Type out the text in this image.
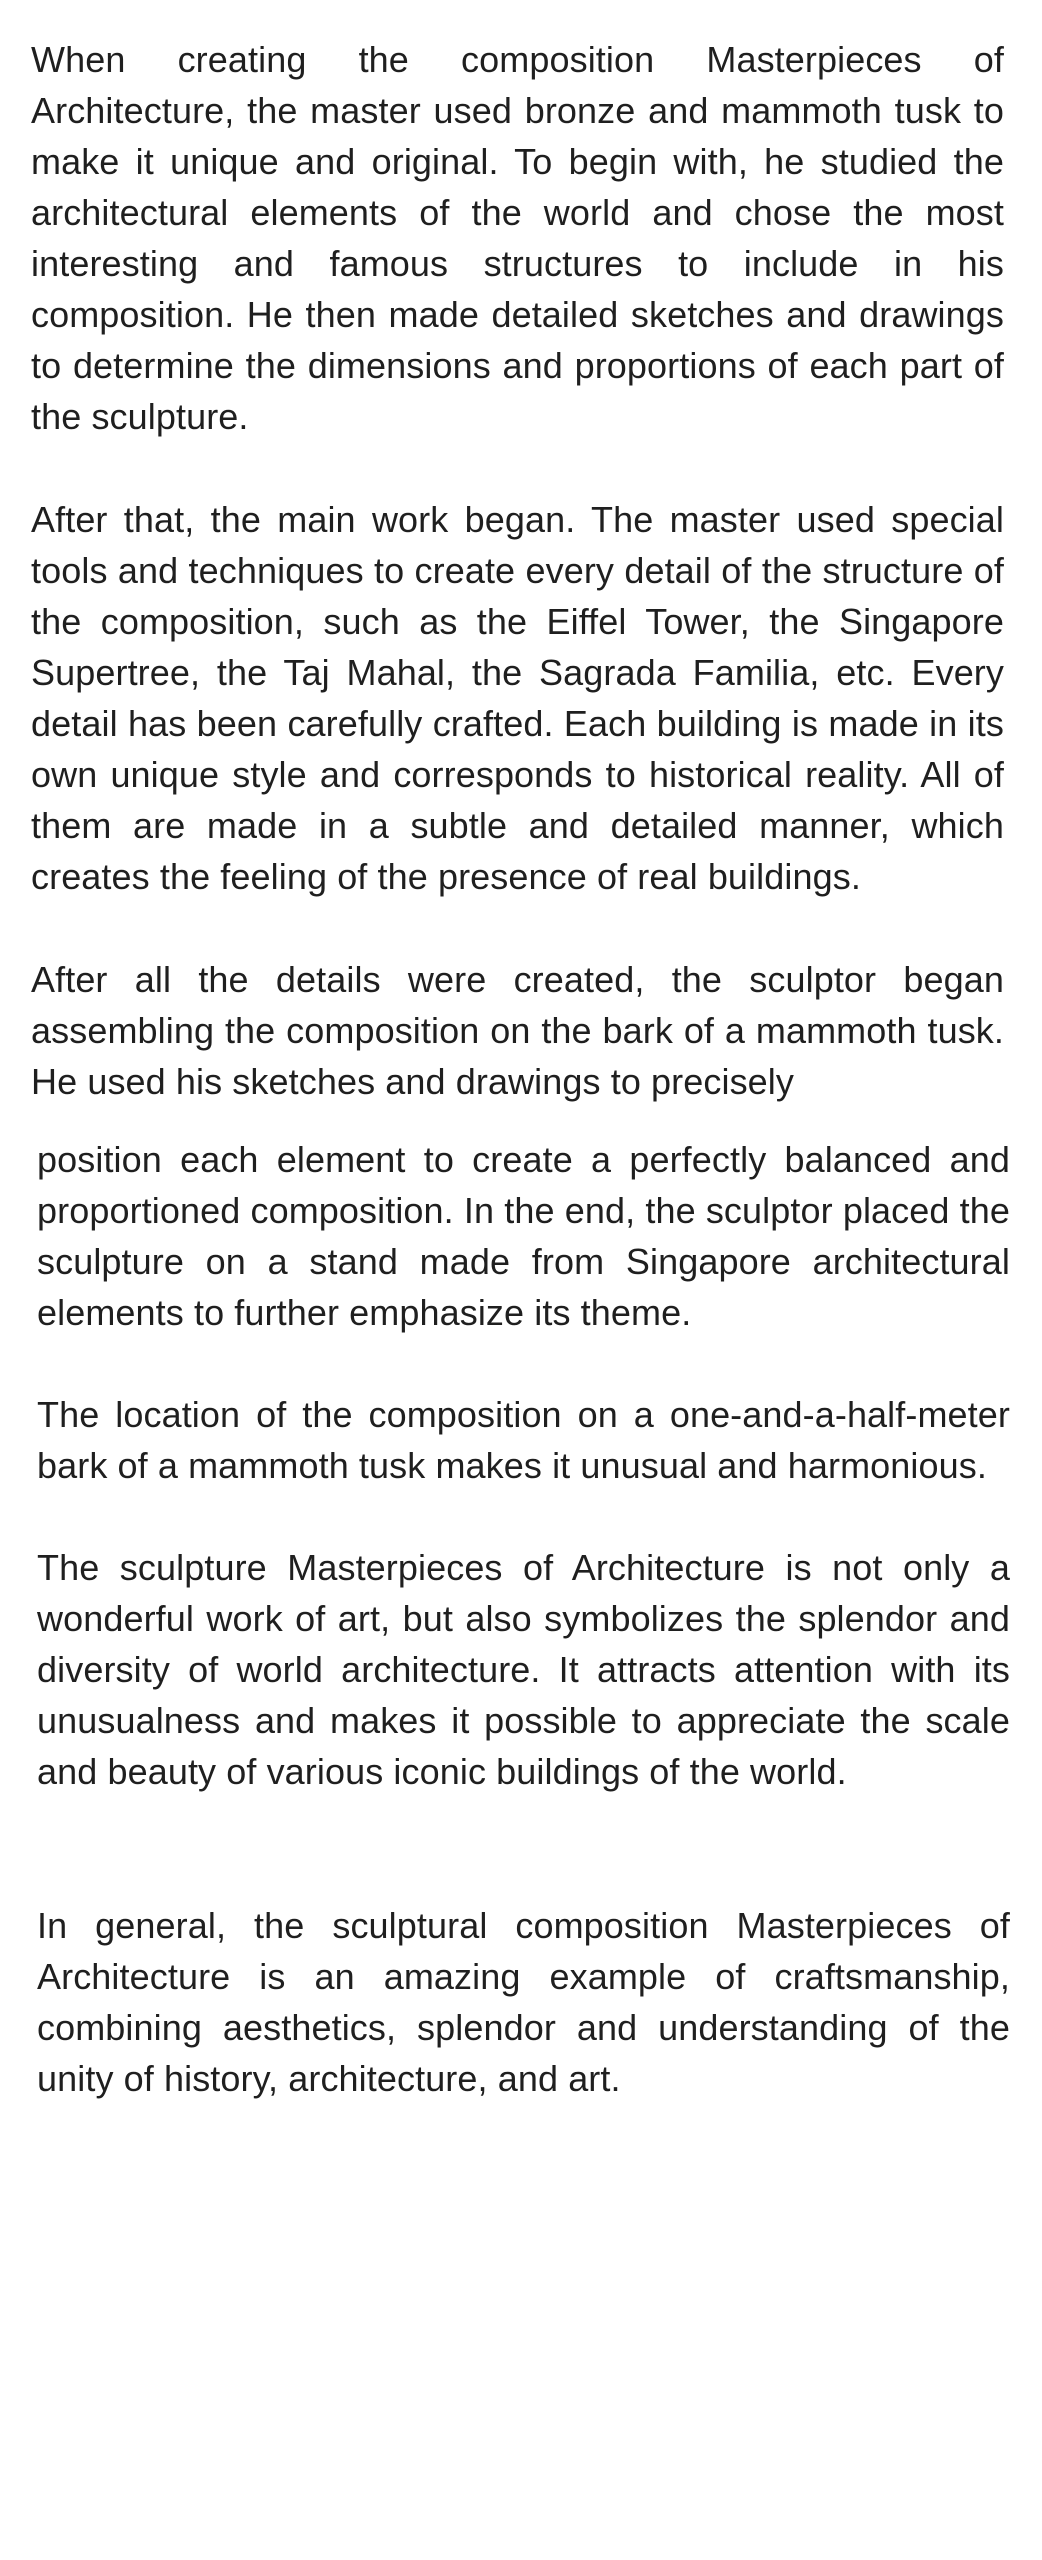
When creating the composition Masterpieces of Architecture, the master used bronze and mammoth tusk to make it unique and original. To begin with, he studied the architectural elements of the world and chose the most interesting and famous structures to include in his composition. He then made detailed sketches and drawings to determine the dimensions and proportions of each part of the sculpture.

After that, the main work began. The master used special tools and techniques to create every detail of the structure of the composition, such as the Eiffel Tower, the Singapore Supertree, the Taj Mahal, the Sagrada Familia, etc. Every detail has been carefully crafted. Each building is made in its own unique style and corresponds to historical reality. All of them are made in a subtle and detailed manner, which creates the feeling of the presence of real buildings.

After all the details were created, the sculptor began assembling the composition on the bark of a mammoth tusk. He used his sketches and drawings to precisely

position each element to create a perfectly balanced and proportioned composition. In the end, the sculptor placed the sculpture on a stand made from Singapore architectural elements to further emphasize its theme.

The location of the composition on a one-and-a-half-meter bark of a mammoth tusk makes it unusual and harmonious.

The sculpture Masterpieces of Architecture is not only a wonderful work of art, but also symbolizes the splendor and diversity of world architecture. It attracts attention with its unusualness and makes it possible to appreciate the scale and beauty of various iconic buildings of the world.

In general, the sculptural composition Masterpieces of Architecture is an amazing example of craftsmanship, combining aesthetics, splendor and understanding of the unity of history, architecture, and art.
